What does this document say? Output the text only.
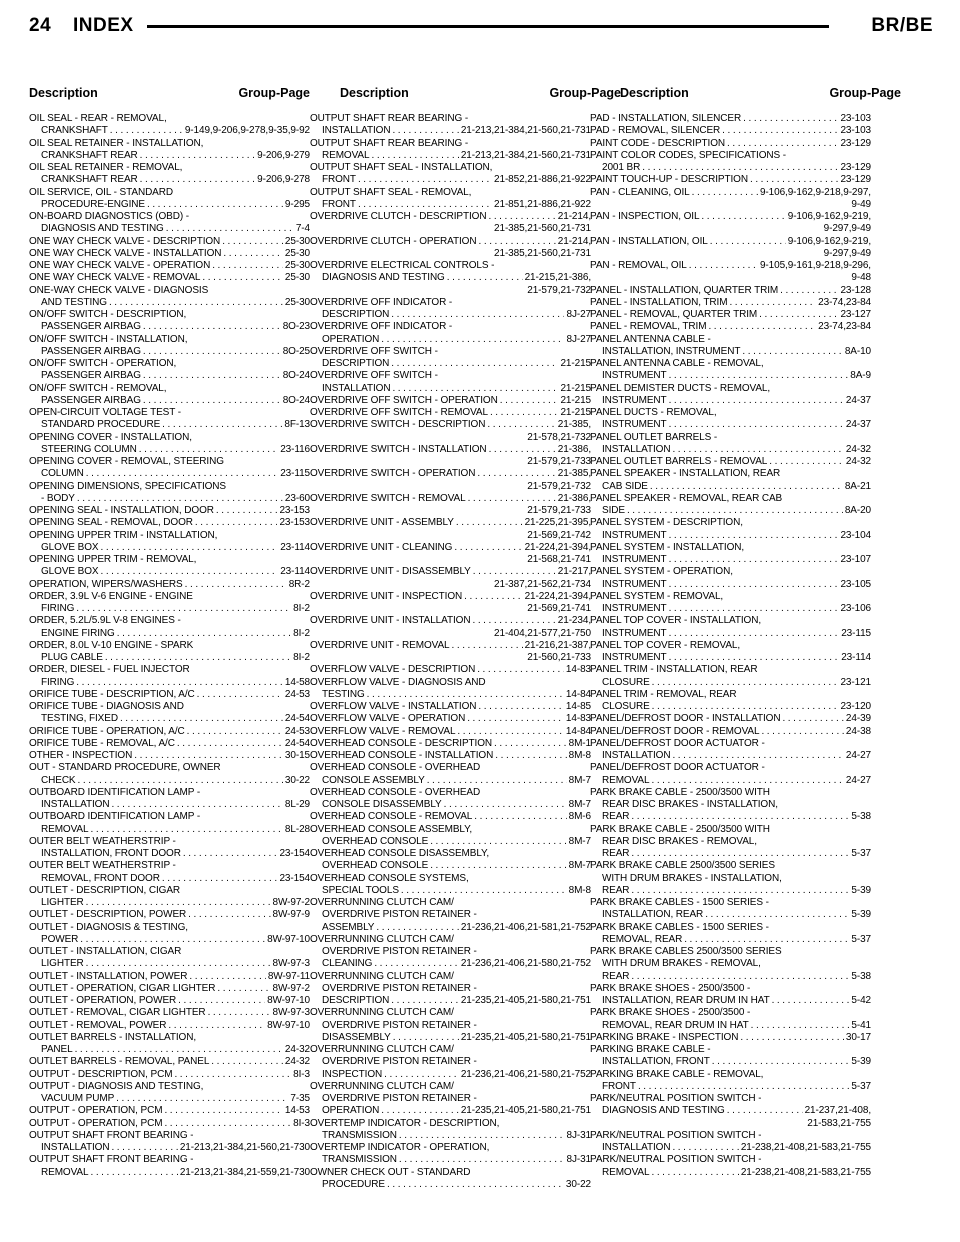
24 INDEX	BR/BE
Description	Group-Page Description	Group-Page Description	Group-Page
OIL SEAL - REAR - REMOVAL,
CRANKSHAFT . . .	9-149,9-206,9-278,9-35,9-92
OIL SEAL RETAINER - INSTALLATION,
CRANKSHAFT REAR . . .	9-206,9-279
OIL SEAL RETAINER - REMOVAL,
CRANKSHAFT REAR . . .	9-206,9-278
OIL SERVICE, OIL - STANDARD
PROCEDURE-ENGINE . . .	9-295
ON-BOARD DIAGNOSTICS (OBD) -
DIAGNOSIS AND TESTING . . .	7-4
ONE WAY CHECK VALVE - DESCRIPTION . . .	25-30
ONE WAY CHECK VALVE - INSTALLATION . . .	25-30
ONE WAY CHECK VALVE - OPERATION . . .	25-30
ONE WAY CHECK VALVE - REMOVAL . . .	25-30
ONE-WAY CHECK VALVE - DIAGNOSIS
AND TESTING . . .	25-30
ON/OFF SWITCH - DESCRIPTION,
PASSENGER AIRBAG . . .	8O-23
ON/OFF SWITCH - INSTALLATION,
PASSENGER AIRBAG . . .	8O-25
ON/OFF SWITCH - OPERATION,
PASSENGER AIRBAG . . .	8O-24
ON/OFF SWITCH - REMOVAL,
PASSENGER AIRBAG . . .	8O-24
OPEN-CIRCUIT VOLTAGE TEST -
STANDARD PROCEDURE . . .	8F-13
OPENING COVER - INSTALLATION,
STEERING COLUMN . . .	23-116
OPENING COVER - REMOVAL, STEERING
COLUMN . . .	23-115
OPENING DIMENSIONS, SPECIFICATIONS
- BODY . . .	23-60
OPENING SEAL - INSTALLATION, DOOR . . .	23-153
OPENING SEAL - REMOVAL, DOOR . . .	23-153
OPENING UPPER TRIM - INSTALLATION,
GLOVE BOX . . .	23-114
OPENING UPPER TRIM - REMOVAL,
GLOVE BOX . . .	23-114
OPERATION, WIPERS/WASHERS . . .	8R-2
ORDER, 3.9L V-6 ENGINE - ENGINE
FIRING . . .	8I-2
ORDER, 5.2L/5.9L V-8 ENGINES -
ENGINE FIRING . . .	8I-2
ORDER, 8.0L V-10 ENGINE - SPARK
PLUG CABLE . . .	8I-2
ORDER, DIESEL - FUEL INJECTOR
FIRING . . .	14-58
ORIFICE TUBE - DESCRIPTION, A/C . . .	24-53
ORIFICE TUBE - DIAGNOSIS AND
TESTING, FIXED . . .	24-54
ORIFICE TUBE - OPERATION, A/C . . .	24-53
ORIFICE TUBE - REMOVAL, A/C . . .	24-54
OTHER - INSPECTION . . .	30-15
OUT - STANDARD PROCEDURE, OWNER
CHECK . . .	30-22
OUTBOARD IDENTIFICATION LAMP -
INSTALLATION . . .	8L-29
OUTBOARD IDENTIFICATION LAMP -
REMOVAL . . .	8L-28
OUTER BELT WEATHERSTRIP -
INSTALLATION, FRONT DOOR . . .	23-154
OUTER BELT WEATHERSTRIP -
REMOVAL, FRONT DOOR . . .	23-154
OUTLET - DESCRIPTION, CIGAR
LIGHTER . . .	8W-97-2
OUTLET - DESCRIPTION, POWER . . .	8W-97-9
OUTLET - DIAGNOSIS & TESTING,
POWER . . .	8W-97-10
OUTLET - INSTALLATION, CIGAR
LIGHTER . . .	8W-97-3
OUTLET - INSTALLATION, POWER . . .	8W-97-11
OUTLET - OPERATION, CIGAR LIGHTER . . .	8W-97-2
OUTLET - OPERATION, POWER . . .	8W-97-10
OUTLET - REMOVAL, CIGAR LIGHTER . . .	8W-97-3
OUTLET - REMOVAL, POWER . . .	8W-97-10
OUTLET BARRELS - INSTALLATION,
PANEL . . .	24-32
OUTLET BARRELS - REMOVAL, PANEL . . .	24-32
OUTPUT - DESCRIPTION, PCM . . .	8I-3
OUTPUT - DIAGNOSIS AND TESTING,
VACUUM PUMP . . .	7-35
OUTPUT - OPERATION, PCM . . .	14-53
OUTPUT - OPERATION, PCM . . .	8I-3
OUTPUT SHAFT FRONT BEARING -
INSTALLATION . . .	21-213,21-384,21-560,21-730
OUTPUT SHAFT FRONT BEARING -
REMOVAL . . .	21-213,21-384,21-559,21-730
OUTPUT SHAFT REAR BEARING -
INSTALLATION . . .	21-213,21-384,21-560,21-731
OUTPUT SHAFT REAR BEARING -
REMOVAL . . .	21-213,21-384,21-560,21-731
OUTPUT SHAFT SEAL - INSTALLATION,
FRONT . . .	21-852,21-886,21-922
OUTPUT SHAFT SEAL - REMOVAL,
FRONT . . .	21-851,21-886,21-922
OVERDRIVE CLUTCH - DESCRIPTION . . .	21-214,
21-385,21-560,21-731
OVERDRIVE CLUTCH - OPERATION . . .	21-214,
21-385,21-560,21-731
OVERDRIVE ELECTRICAL CONTROLS -
DIAGNOSIS AND TESTING . . .	21-215,21-386,
21-579,21-732
OVERDRIVE OFF INDICATOR -
DESCRIPTION . . .	8J-27
OVERDRIVE OFF INDICATOR -
OPERATION . . .	8J-27
OVERDRIVE OFF SWITCH -
DESCRIPTION . . .	21-215
OVERDRIVE OFF SWITCH -
INSTALLATION . . .	21-215
OVERDRIVE OFF SWITCH - OPERATION . . .	21-215
OVERDRIVE OFF SWITCH - REMOVAL . . .	21-215
OVERDRIVE SWITCH - DESCRIPTION . . .	21-385,
21-578,21-732
OVERDRIVE SWITCH - INSTALLATION . . .	21-386,
21-579,21-733
OVERDRIVE SWITCH - OPERATION . . .	21-385,
21-579,21-732
OVERDRIVE SWITCH - REMOVAL . . .	21-386,
21-579,21-733
OVERDRIVE UNIT - ASSEMBLY . . .	21-225,21-395,
21-569,21-742
OVERDRIVE UNIT - CLEANING . . .	21-224,21-394,
21-568,21-741
OVERDRIVE UNIT - DISASSEMBLY . . .	21-217,
21-387,21-562,21-734
OVERDRIVE UNIT - INSPECTION . . .	21-224,21-394,
21-569,21-741
OVERDRIVE UNIT - INSTALLATION . . .	21-234,
21-404,21-577,21-750
OVERDRIVE UNIT - REMOVAL . . .	21-216,21-387,
21-560,21-733
OVERFLOW VALVE - DESCRIPTION . . .	14-83
OVERFLOW VALVE - DIAGNOSIS AND
TESTING . . .	14-84
OVERFLOW VALVE - INSTALLATION . . .	14-85
OVERFLOW VALVE - OPERATION . . .	14-83
OVERFLOW VALVE - REMOVAL . . .	14-84
OVERHEAD CONSOLE - DESCRIPTION . . .	8M-1
OVERHEAD CONSOLE - INSTALLATION . . .	8M-8
OVERHEAD CONSOLE - OVERHEAD
CONSOLE ASSEMBLY . . .	8M-7
OVERHEAD CONSOLE - OVERHEAD
CONSOLE DISASSEMBLY . . .	8M-7
OVERHEAD CONSOLE - REMOVAL . . .	8M-6
OVERHEAD CONSOLE ASSEMBLY,
OVERHEAD CONSOLE . . .	8M-7
OVERHEAD CONSOLE DISASSEMBLY,
OVERHEAD CONSOLE . . .	8M-7
OVERHEAD CONSOLE SYSTEMS,
SPECIAL TOOLS . . .	8M-8
OVERRUNNING CLUTCH CAM/
OVERDRIVE PISTON RETAINER -
ASSEMBLY . . .	21-236,21-406,21-581,21-752
OVERRUNNING CLUTCH CAM/
OVERDRIVE PISTON RETAINER -
CLEANING . . .	21-236,21-406,21-580,21-752
OVERRUNNING CLUTCH CAM/
OVERDRIVE PISTON RETAINER -
DESCRIPTION . . .	21-235,21-405,21-580,21-751
OVERRUNNING CLUTCH CAM/
OVERDRIVE PISTON RETAINER -
DISASSEMBLY . . .	21-235,21-405,21-580,21-751
OVERRUNNING CLUTCH CAM/
OVERDRIVE PISTON RETAINER -
INSPECTION . . .	21-236,21-406,21-580,21-752
OVERRUNNING CLUTCH CAM/
OVERDRIVE PISTON RETAINER -
OPERATION . . .	21-235,21-405,21-580,21-751
OVERTEMP INDICATOR - DESCRIPTION,
TRANSMISSION . . .	8J-31
OVERTEMP INDICATOR - OPERATION,
TRANSMISSION . . .	8J-31
OWNER CHECK OUT - STANDARD
PROCEDURE . . .	30-22
PAD - INSTALLATION, SILENCER . . .	23-103
PAD - REMOVAL, SILENCER . . .	23-103
PAINT CODE - DESCRIPTION . . .	23-129
PAINT COLOR CODES, SPECIFICATIONS -
2001 BR . . .	23-129
PAINT TOUCH-UP - DESCRIPTION . . .	23-129
PAN - CLEANING, OIL . . .	9-106,9-162,9-218,9-297,
9-49
PAN - INSPECTION, OIL . . .	9-106,9-162,9-219,
9-297,9-49
PAN - INSTALLATION, OIL . . .	9-106,9-162,9-219,
9-297,9-49
PAN - REMOVAL, OIL . . .	9-105,9-161,9-218,9-296,
9-48
PANEL - INSTALLATION, QUARTER TRIM . . .	23-128
PANEL - INSTALLATION, TRIM . . .	23-74,23-84
PANEL - REMOVAL, QUARTER TRIM . . .	23-127
PANEL - REMOVAL, TRIM . . .	23-74,23-84
PANEL ANTENNA CABLE -
INSTALLATION, INSTRUMENT . . .	8A-10
PANEL ANTENNA CABLE - REMOVAL,
INSTRUMENT . . .	8A-9
PANEL DEMISTER DUCTS - REMOVAL,
INSTRUMENT . . .	24-37
PANEL DUCTS - REMOVAL,
INSTRUMENT . . .	24-37
PANEL OUTLET BARRELS -
INSTALLATION . . .	24-32
PANEL OUTLET BARRELS - REMOVAL . . .	24-32
PANEL SPEAKER - INSTALLATION, REAR
CAB SIDE . . .	8A-21
PANEL SPEAKER - REMOVAL, REAR CAB
SIDE . . .	8A-20
PANEL SYSTEM - DESCRIPTION,
INSTRUMENT . . .	23-104
PANEL SYSTEM - INSTALLATION,
INSTRUMENT . . .	23-107
PANEL SYSTEM - OPERATION,
INSTRUMENT . . .	23-105
PANEL SYSTEM - REMOVAL,
INSTRUMENT . . .	23-106
PANEL TOP COVER - INSTALLATION,
INSTRUMENT . . .	23-115
PANEL TOP COVER - REMOVAL,
INSTRUMENT . . .	23-114
PANEL TRIM - INSTALLATION, REAR
CLOSURE . . .	23-121
PANEL TRIM - REMOVAL, REAR
CLOSURE . . .	23-120
PANEL/DEFROST DOOR - INSTALLATION . . .	24-39
PANEL/DEFROST DOOR - REMOVAL . . .	24-38
PANEL/DEFROST DOOR ACTUATOR -
INSTALLATION . . .	24-27
PANEL/DEFROST DOOR ACTUATOR -
REMOVAL . . .	24-27
PARK BRAKE CABLE - 2500/3500 WITH
REAR DISC BRAKES - INSTALLATION,
REAR . . .	5-38
PARK BRAKE CABLE - 2500/3500 WITH
REAR DISC BRAKES - REMOVAL,
REAR . . .	5-37
PARK BRAKE CABLE 2500/3500 SERIES
WITH DRUM BRAKES - INSTALLATION,
REAR . . .	5-39
PARK BRAKE CABLES - 1500 SERIES -
INSTALLATION, REAR . . .	5-39
PARK BRAKE CABLES - 1500 SERIES -
REMOVAL, REAR . . .	5-37
PARK BRAKE CABLES 2500/3500 SERIES
WITH DRUM BRAKES - REMOVAL,
REAR . . .	5-38
PARK BRAKE SHOES - 2500/3500 -
INSTALLATION, REAR DRUM IN HAT . . .	5-42
PARK BRAKE SHOES - 2500/3500 -
REMOVAL, REAR DRUM IN HAT . . .	5-41
PARKING BRAKE - INSPECTION . . .	30-17
PARKING BRAKE CABLE -
INSTALLATION, FRONT . . .	5-39
PARKING BRAKE CABLE - REMOVAL,
FRONT . . .	5-37
PARK/NEUTRAL POSITION SWITCH -
DIAGNOSIS AND TESTING . . .	21-237,21-408,
21-583,21-755
PARK/NEUTRAL POSITION SWITCH -
INSTALLATION . . .	21-238,21-408,21-583,21-755
PARK/NEUTRAL POSITION SWITCH -
REMOVAL . . .	21-238,21-408,21-583,21-755
